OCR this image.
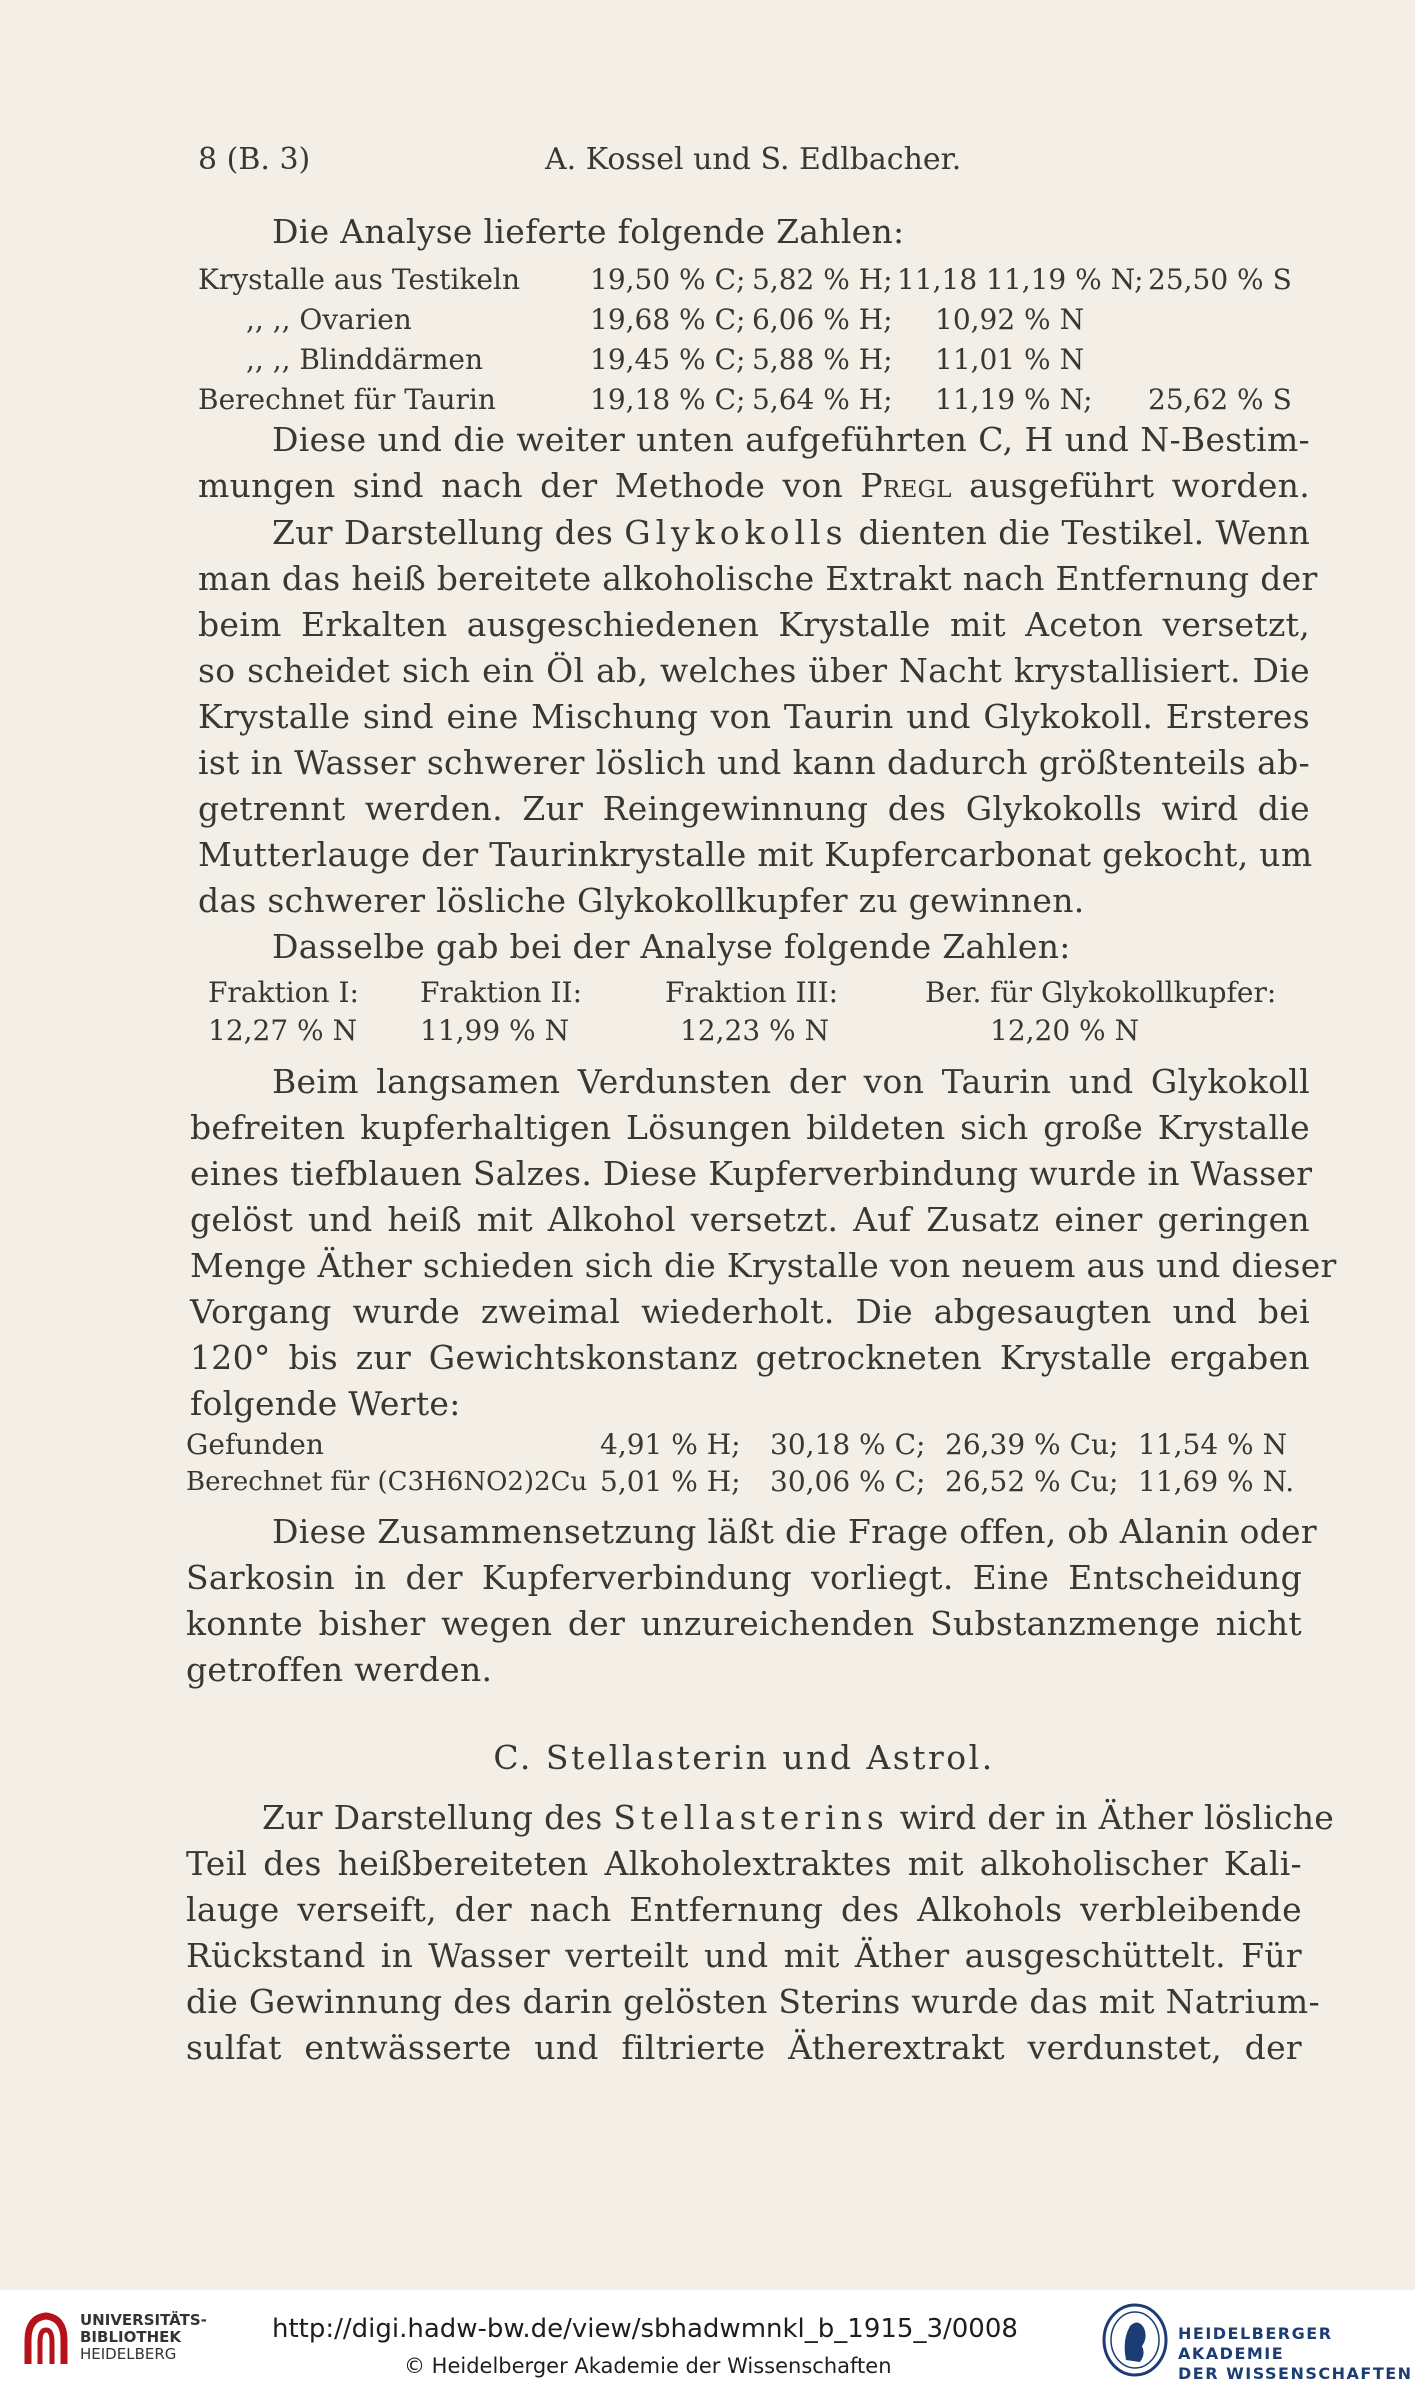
8 (B. 3)	A. Kossel und S. Edlbacher.

Die Analyse lieferte folgende Zahlen:

Krystalle aus Testikeln	19,50 % C; 5,82 % H; 11,18 11,19 % N; 25,50 % S
,, ,, Ovarien	19,68 % C; 6,06 % H; 10,92 % N
,, ,, Blinddärmen	19,45 % C; 5,88 % H; 11,01 % N
Berechnet für Taurin	19,18 % C; 5,64 % H; 11,19 % N; 25,62 % S

Diese und die weiter unten aufgeführten C, H und N-Bestim-

mungen sind nach der Methode von Pregl ausgeführt worden.

Zur Darstellung des Glykokolls dienten die Testikel. Wenn

man das heiß bereitete alkoholische Extrakt nach Entfernung der

beim Erkalten ausgeschiedenen Krystalle mit Aceton versetzt,

so scheidet sich ein Öl ab, welches über Nacht krystallisiert. Die

Krystalle sind eine Mischung von Taurin und Glykokoll. Ersteres

ist in Wasser schwerer löslich und kann dadurch größtenteils ab-

getrennt werden. Zur Reingewinnung des Glykokolls wird die

Mutterlauge der Taurinkrystalle mit Kupfercarbonat gekocht, um

das schwerer lösliche Glykokollkupfer zu gewinnen.

Dasselbe gab bei der Analyse folgende Zahlen:

Fraktion I: Fraktion II:	Fraktion III:	Ber. für Glykokollkupfer:
12,27 % N 11,99 % N	12,23 % N	12,20 % N

Beim langsamen Verdunsten der von Taurin und Glykokoll

befreiten kupferhaltigen Lösungen bildeten sich große Krystalle

eines tiefblauen Salzes. Diese Kupferverbindung wurde in Wasser

gelöst und heiß mit Alkohol versetzt. Auf Zusatz einer geringen

Menge Äther schieden sich die Krystalle von neuem aus und dieser

Vorgang wurde zweimal wiederholt. Die abgesaugten und bei

120° bis zur Gewichtskonstanz getrockneten Krystalle ergaben

folgende Werte:

Gefunden	4,91 % H; 30,18 % C; 26,39 % Cu; 11,54 % N
Berechnet für (C3H6NO2)2Cu 5,01 % H; 30,06 % C; 26,52 % Cu; 11,69 % N.

Diese Zusammensetzung läßt die Frage offen, ob Alanin oder

Sarkosin in der Kupferverbindung vorliegt. Eine Entscheidung

konnte bisher wegen der unzureichenden Substanzmenge nicht

getroffen werden.

C. Stellasterin und Astrol.

Zur Darstellung des Stellasterins wird der in Äther lösliche

Teil des heißbereiteten Alkoholextraktes mit alkoholischer Kali-

lauge verseift, der nach Entfernung des Alkohols verbleibende

Rückstand in Wasser verteilt und mit Äther ausgeschüttelt. Für

die Gewinnung des darin gelösten Sterins wurde das mit Natrium-

sulfat entwässerte und filtrierte Ätherextrakt verdunstet, der

UNIVERSITÄTS-
BIBLIOTHEK
HEIDELBERG
http://digi.hadw-bw.de/view/sbhadwmnkl_b_1915_3/0008
© Heidelberger Akademie der Wissenschaften
HEIDELBERGER AKADEMIE
DER WISSENSCHAFTEN
